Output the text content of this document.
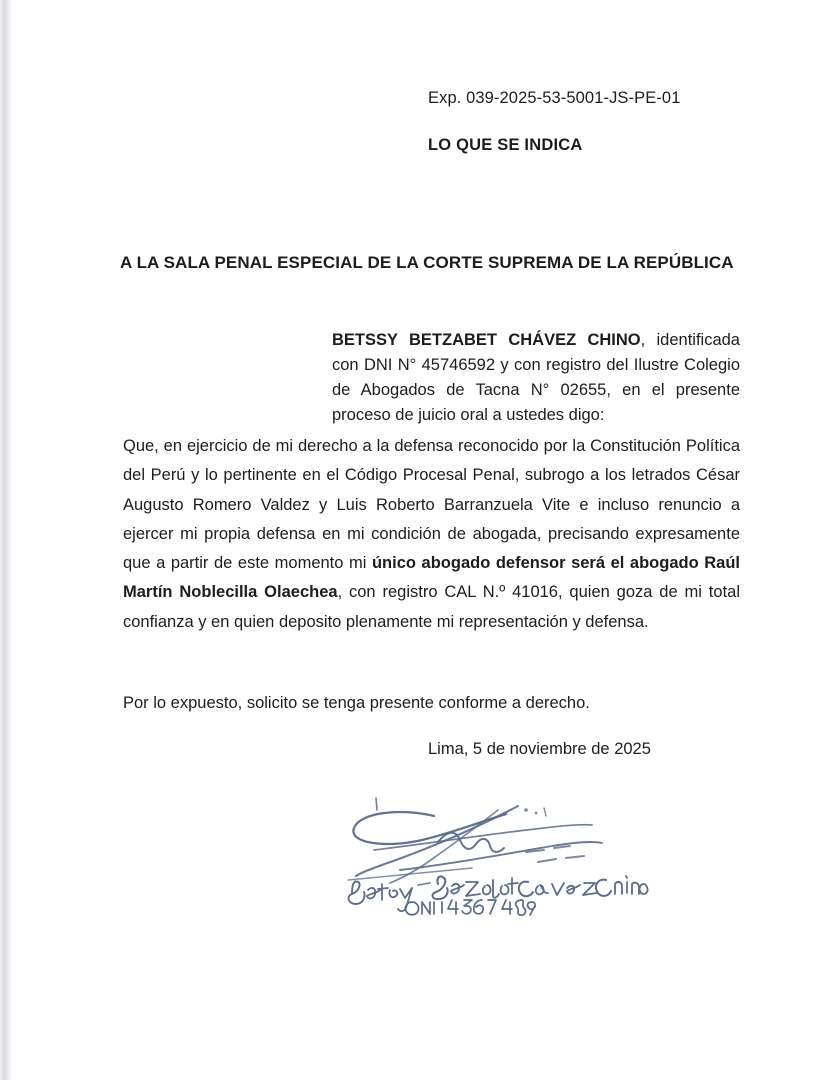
Exp. 039-2025-53-5001-JS-PE-01
LO QUE SE INDICA
A LA SALA PENAL ESPECIAL DE LA CORTE SUPREMA DE LA REPÚBLICA
BETSSY BETZABET CHÁVEZ CHINO, identificada con DNI N° 45746592 y con registro del Ilustre Colegio de Abogados de Tacna N° 02655, en el presente proceso de juicio oral a ustedes digo:
Que, en ejercicio de mi derecho a la defensa reconocido por la Constitución Política del Perú y lo pertinente en el Código Procesal Penal, subrogo a los letrados César Augusto Romero Valdez y Luis Roberto Barranzuela Vite e incluso renuncio a ejercer mi propia defensa en mi condición de abogada, precisando expresamente que a partir de este momento mi único abogado defensor será el abogado Raúl Martín Noblecilla Olaechea, con registro CAL N.º 41016, quien goza de mi total confianza y en quien deposito plenamente mi representación y defensa.
Por lo expuesto, solicito se tenga presente conforme a derecho.
Lima, 5 de noviembre de 2025
